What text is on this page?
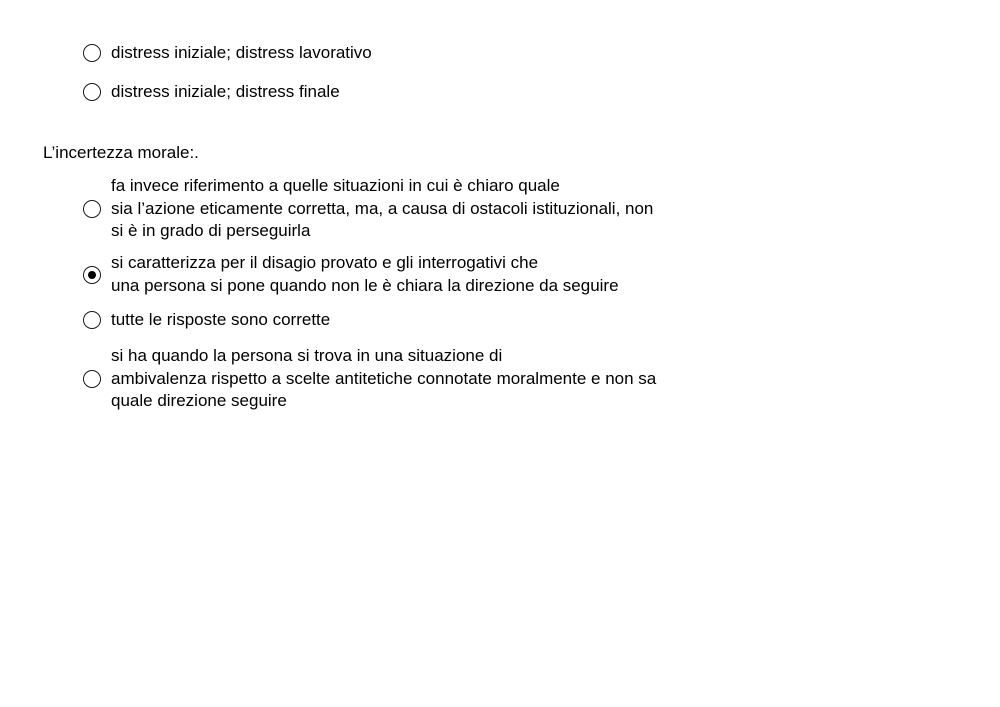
distress iniziale; distress lavorativo
distress iniziale; distress finale
L’incertezza morale:.
fa invece riferimento a quelle situazioni in cui è chiaro quale
sia l’azione eticamente corretta, ma, a causa di ostacoli istituzionali, non
si è in grado di perseguirla
si caratterizza per il disagio provato e gli interrogativi che
una persona si pone quando non le è chiara la direzione da seguire
tutte le risposte sono corrette
si ha quando la persona si trova in una situazione di
ambivalenza rispetto a scelte antitetiche connotate moralmente e non sa
quale direzione seguire
